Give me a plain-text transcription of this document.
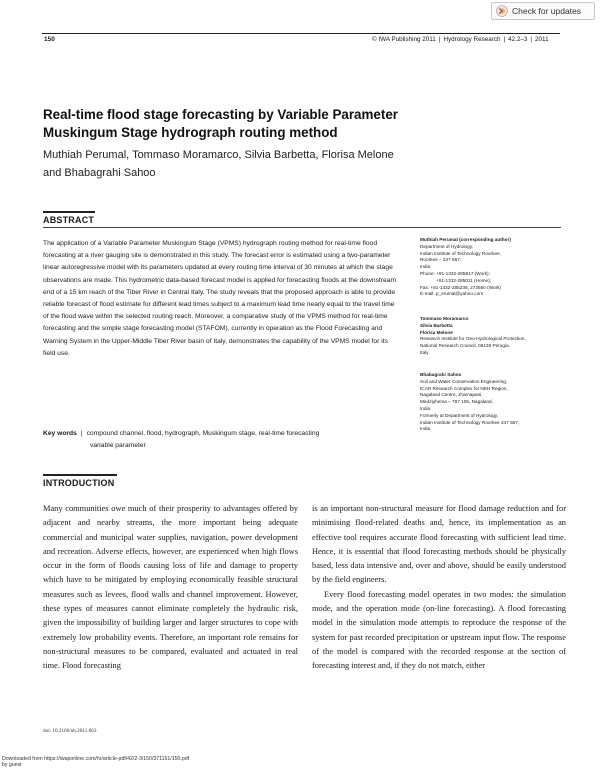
Check for updates
150	© IWA Publishing 2011 | Hydrology Research | 42.2–3 | 2011
Real-time flood stage forecasting by Variable Parameter
Muskingum Stage hydrograph routing method
Muthiah Perumal, Tommaso Moramarco, Silvia Barbetta, Florisa Melone
and Bhabagrahi Sahoo
ABSTRACT
The application of a Variable Parameter Muskingum Stage (VPMS) hydrograph routing method for real-time flood forecasting at a river gauging site is demonstrated in this study. The forecast error is estimated using a two-parameter linear autoregressive model with its parameters updated at every routing time interval of 30 minutes at which the stage observations are made. This hydrometric data-based forecast model is applied for forecasting floods at the downstream end of a 15 km reach of the Tiber River in Central Italy. The study reveals that the proposed approach is able to provide reliable forecast of flood estimate for different lead times subject to a maximum lead time nearly equal to the travel time of the flood wave within the selected routing reach. Moreover, a comparative study of the VPMS method for real-time forecasting and the simple stage forecasting model (STAFOM), currently in operation as the Flood Forecasting and Warning System in the Upper-Middle Tiber River basin of Italy, demonstrates the capability of the VPMS model for its field use.
Key words | compound channel, flood, hydrograph, Muskingum stage, real-time forecasting
variable parameter
Muthiah Perumal (corresponding author)
Department of Hydrology,
Indian Institute of Technology Roorkee,
Roorkee – 247 667,
India
Phone: +91-1332-285817 (Work);
+91-1332-285011 (Home);
Fax: +91-1332-285236, 273560 (Work)
E-mail: p_erumal@yahoo.com
Tommaso Moramarco
Silvia Barbetta
Florisa Melone
Research Institute for Geo-Hydrological Protection,
National Research Council, 06128 Perugia,
Italy
Bhabagrahi Sahoo
Soil and Water Conservation Engineering,
ICAR Research Complex for NEH Region,
Nagaland Centre, Jharnapani,
Medziphema – 797 106, Nagaland,
India
Formerly at Department of Hydrology,
Indian Institute of Technology Roorkee 247 667,
India
INTRODUCTION

Many communities owe much of their prosperity to advantages offered by adjacent and nearby streams, the more important being adequate commercial and municipal water supplies, navigation, power development and recreation. Adverse effects, however, are experienced when high flows occur in the form of floods causing loss of life and damage to property which have to be mitigated by employing economically feasible structural measures such as levees, flood walls and channel improvement. However, these types of measures cannot eliminate completely the hydraulic risk, given the impossibility of building larger and larger structures to cope with extremely low probability events. Therefore, an important role remains for non-structural measures to be compared, evaluated and actuated in real time. Flood forecasting

is an important non-structural measure for flood damage reduction and for minimising flood-related deaths and, hence, its implementation as an effective tool requires accurate flood forecasting with sufficient lead time. Hence, it is essential that flood forecasting methods should be physically based, less data intensive and, over and above, should be easily understood by the field engineers.

Every flood forecasting model operates in two modes: the simulation mode, and the operation mode (on-line forecasting). A flood forecasting model in the simulation mode attempts to reproduce the response of the system for past recorded precipitation or upstream input flow. The response of the model is compared with the recorded response at the section of forecasting interest and, if they do not match, either

doi: 10.2166/nh.2011.063
Downloaded from https://iwaponline.com/hr/article-pdf/42/2-3/150/371151/150.pdf
by guest
